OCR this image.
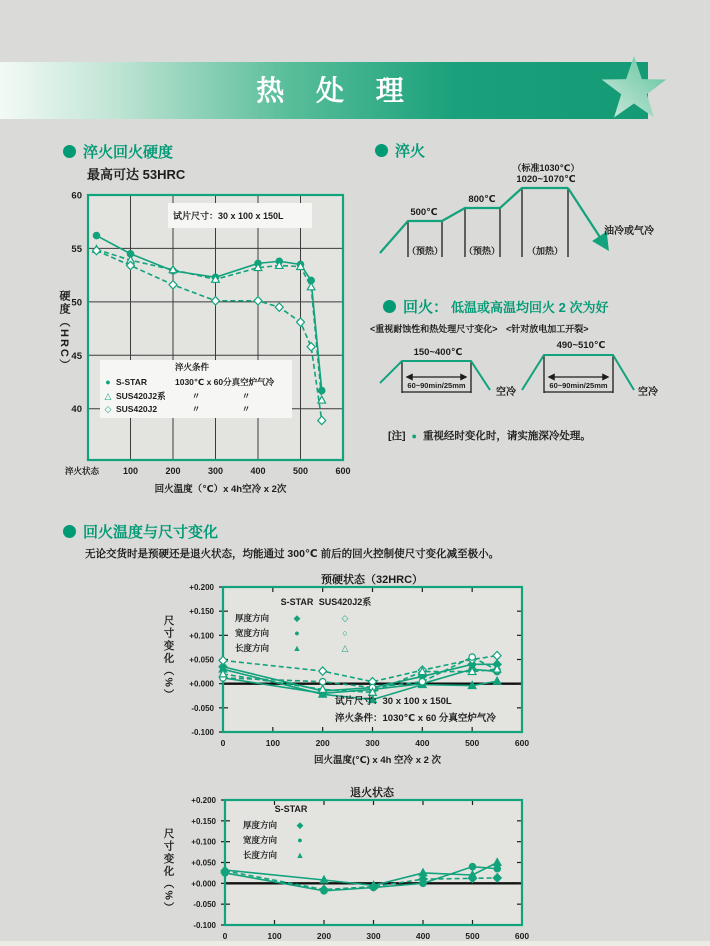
热 处 理
淬火回火硬度
最高可达 53HRC
60
55
50
45
40
淬火状态	100	200	300	400	500	600
回火温度（℃）x 4h空冷 x 2次
试片尺寸：30 x 100 x 150L
淬火条件
1030℃ x 60分真空炉气冷
● S-STAR
△ SUS420J2系
◇ SUS420J2
〃	〃
〃	〃
硬度（HRC）
淬火
（标准1030℃）
1020~1070℃
500℃
800℃
（预热）	（预热）	（加热）
油冷或气冷
回火： 低温或高温均回火 2 次为好
<重视耐蚀性和热处理尺寸变化> <针对放电加工开裂>
150~400℃
490~510℃
60~90min/25mm	60~90min/25mm
空冷	空冷
[注] ● 重视经时变化时，请实施深冷处理。
回火温度与尺寸变化
无论交货时是预硬还是退火状态，均能通过 300℃ 前后的回火控制使尺寸变化减至极小。
预硬状态（32HRC）
+0.200
+0.150
+0.100
+0.050
+0.000
-0.050
-0.100
0	100	200	300	400	500	600
回火温度(℃) x 4h 空冷 x 2 次
S-STAR SUS420J2系
厚度方向	◆	◇
宽度方向	●	○
长度方向	▲	△
试片尺寸：30 x 100 x 150L
淬火条件：1030℃ x 60 分真空炉气冷
尺寸变化（%）
退火状态
+0.200
+0.150
+0.100
+0.050
+0.000
-0.050
-0.100
0	100	200	300	400	500	600
S-STAR
厚度方向 ◆
宽度方向 ●
长度方向 ▲
尺寸变化（%）
